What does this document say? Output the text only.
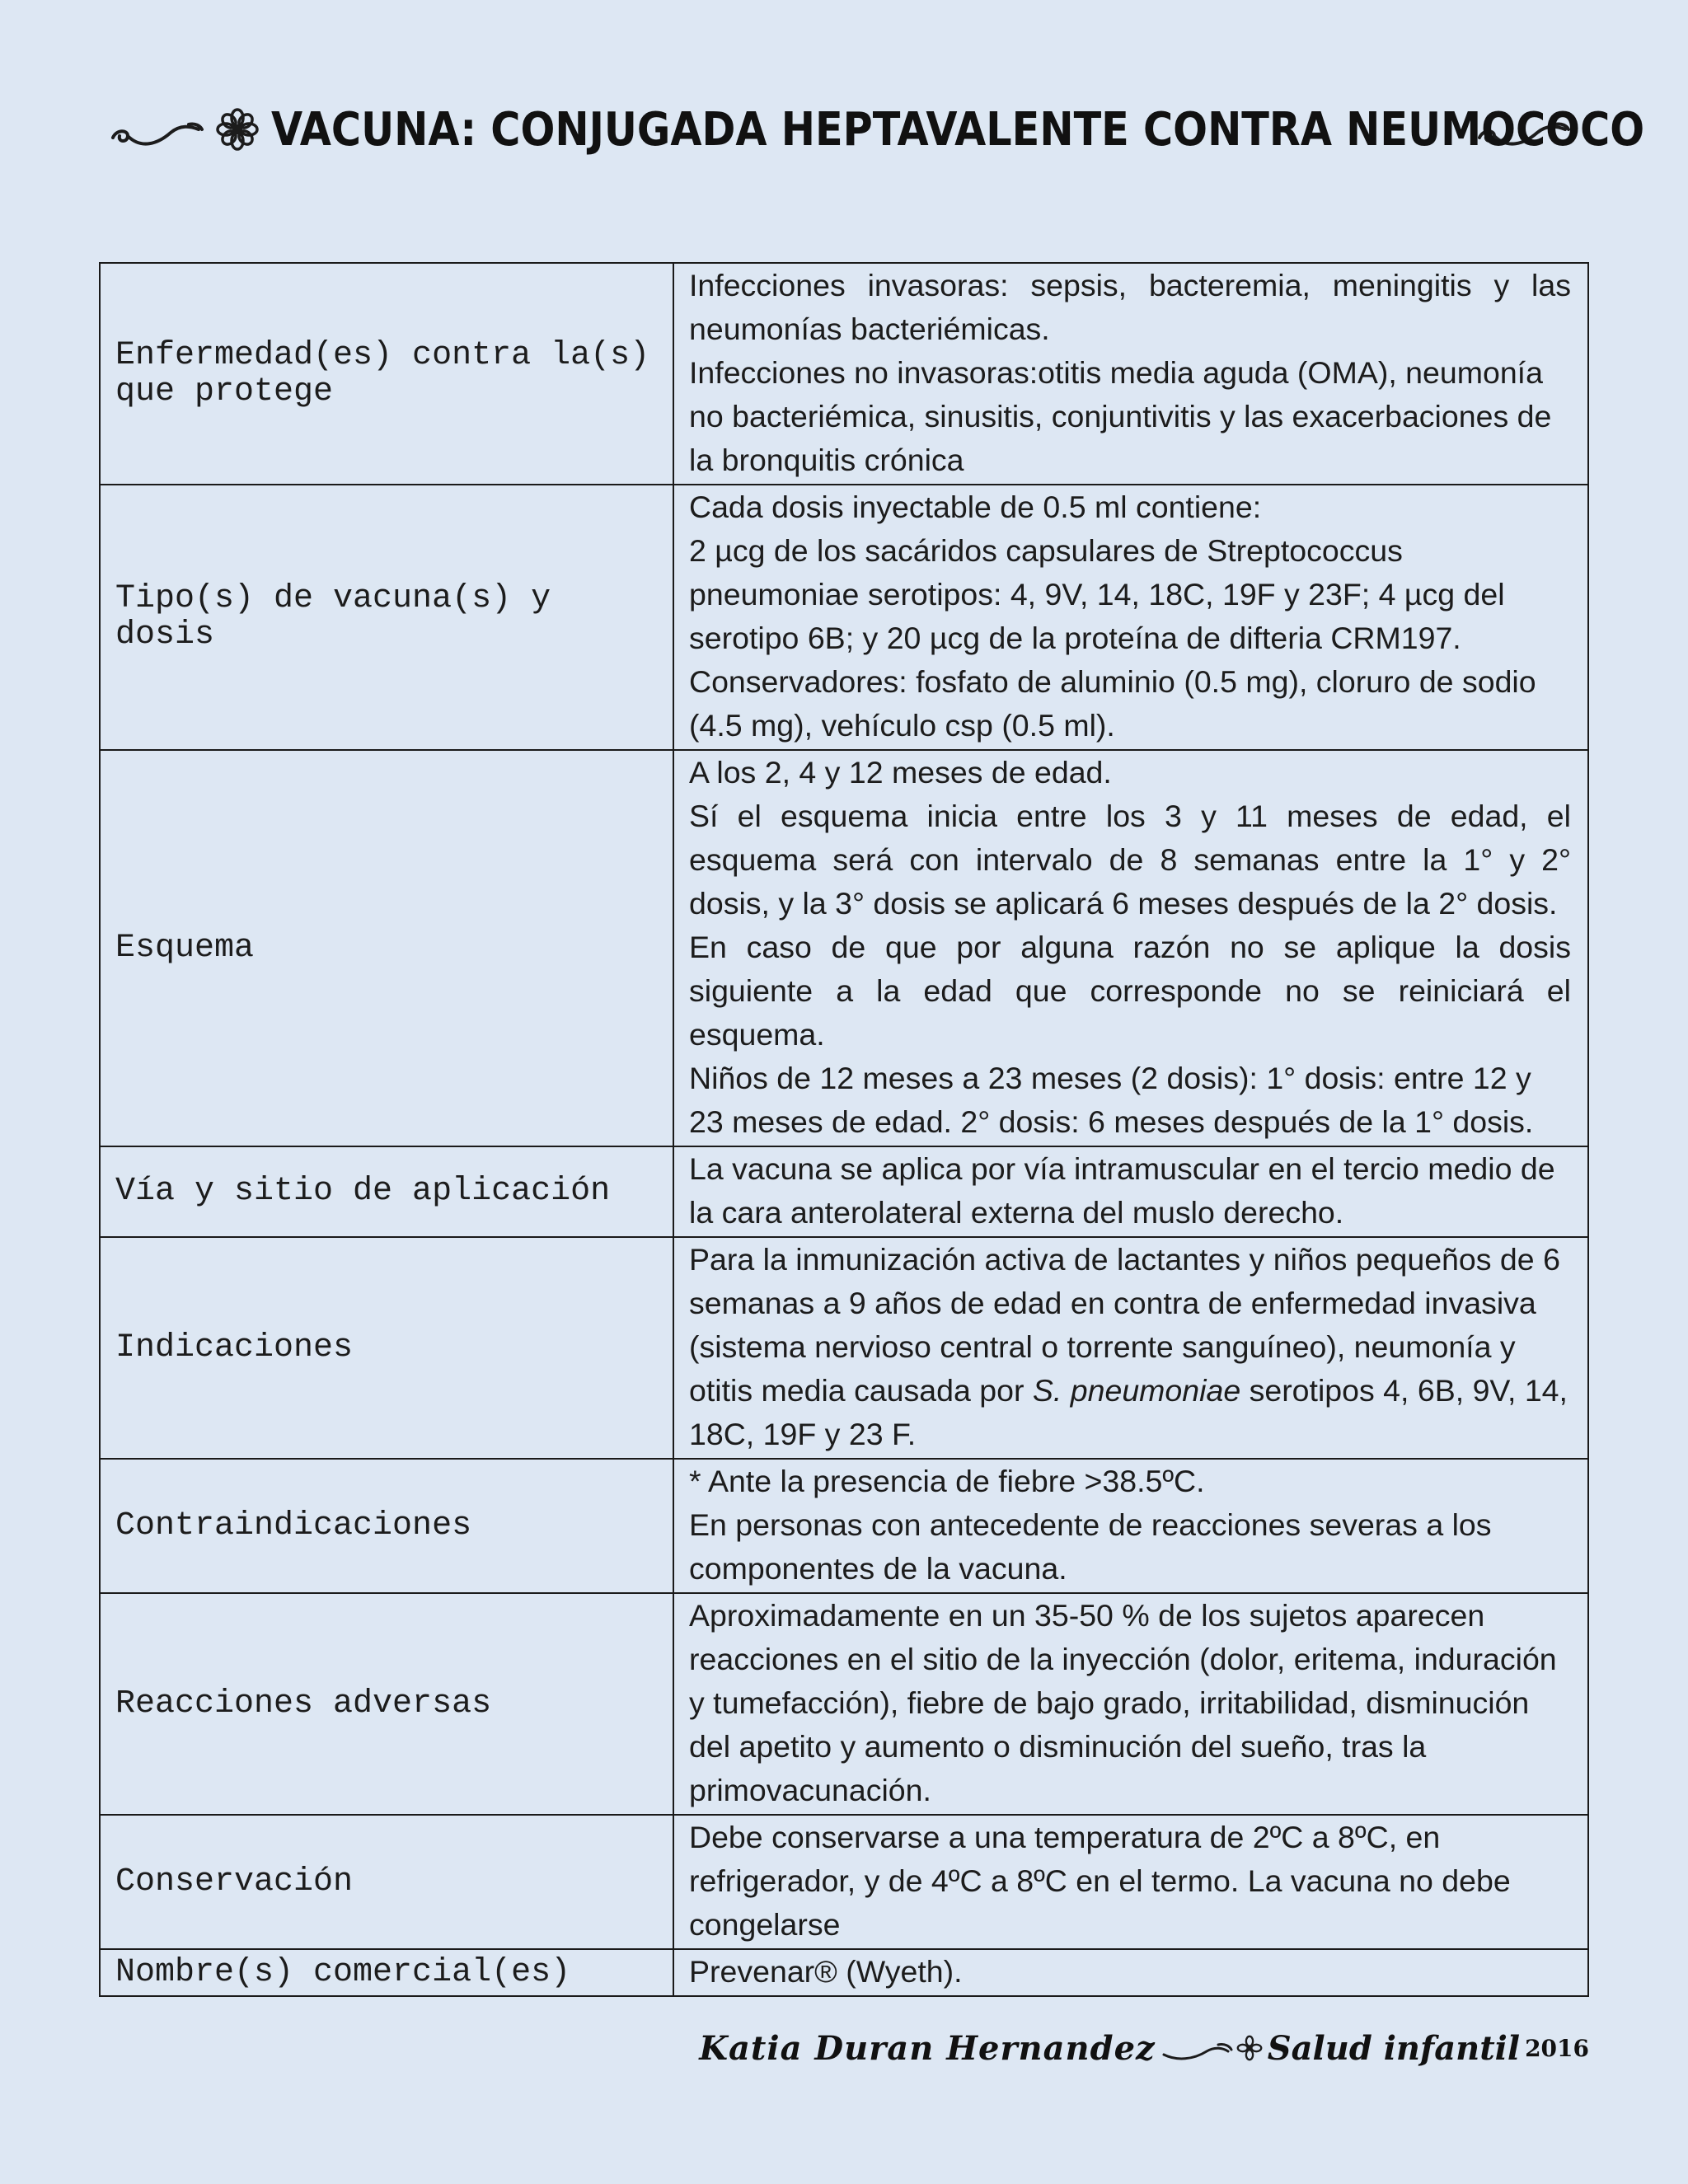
VACUNA: CONJUGADA HEPTAVALENTE CONTRA NEUMOCOCO
Enfermedad(es) contra la(s) que protege	Infecciones invasoras: sepsis, bacteremia, meningitis y las neumonías bacteriémicas.

Infecciones no invasoras:otitis media aguda (OMA), neumonía no bacteriémica, sinusitis, conjuntivitis y las exacerbaciones de la bronquitis crónica

Tipo(s) de vacuna(s) y dosis	Cada dosis inyectable de 0.5 ml contiene:

2 µcg de los sacáridos capsulares de Streptococcus pneumoniae serotipos: 4, 9V, 14, 18C, 19F y 23F; 4 µcg del serotipo 6B; y 20 µcg de la proteína de difteria CRM197. Conservadores: fosfato de aluminio (0.5 mg), cloruro de sodio (4.5 mg), vehículo csp (0.5 ml).

Esquema	A los 2, 4 y 12 meses de edad.

Sí el esquema inicia entre los 3 y 11 meses de edad, el esquema será con intervalo de 8 semanas entre la 1° y 2° dosis, y la 3° dosis se aplicará 6 meses después de la 2° dosis.

En caso de que por alguna razón no se aplique la dosis siguiente a la edad que corresponde no se reiniciará el esquema.

Niños de 12 meses a 23 meses (2 dosis): 1° dosis: entre 12 y 23 meses de edad. 2° dosis: 6 meses después de la 1° dosis.

Vía y sitio de aplicación	La vacuna se aplica por vía intramuscular en el tercio medio de la cara anterolateral externa del muslo derecho.

Indicaciones	Para la inmunización activa de lactantes y niños pequeños de 6 semanas a 9 años de edad en contra de enfermedad invasiva (sistema nervioso central o torrente sanguíneo), neumonía y otitis media causada por S. pneumoniae serotipos 4, 6B, 9V, 14, 18C, 19F y 23 F.

Contraindicaciones	* Ante la presencia de fiebre >38.5ºC.

En personas con antecedente de reacciones severas a los componentes de la vacuna.

Reacciones adversas	Aproximadamente en un 35-50 % de los sujetos aparecen reacciones en el sitio de la inyección (dolor, eritema, induración y tumefacción), fiebre de bajo grado, irritabilidad, disminución del apetito y aumento o disminución del sueño, tras la primovacunación.

Conservación	Debe conservarse a una temperatura de 2ºC a 8ºC, en refrigerador, y de 4ºC a 8ºC en el termo. La vacuna no debe congelarse

Nombre(s) comercial(es)	Prevenar® (Wyeth).

Katia Duran Hernandez	Salud infantil 2016
